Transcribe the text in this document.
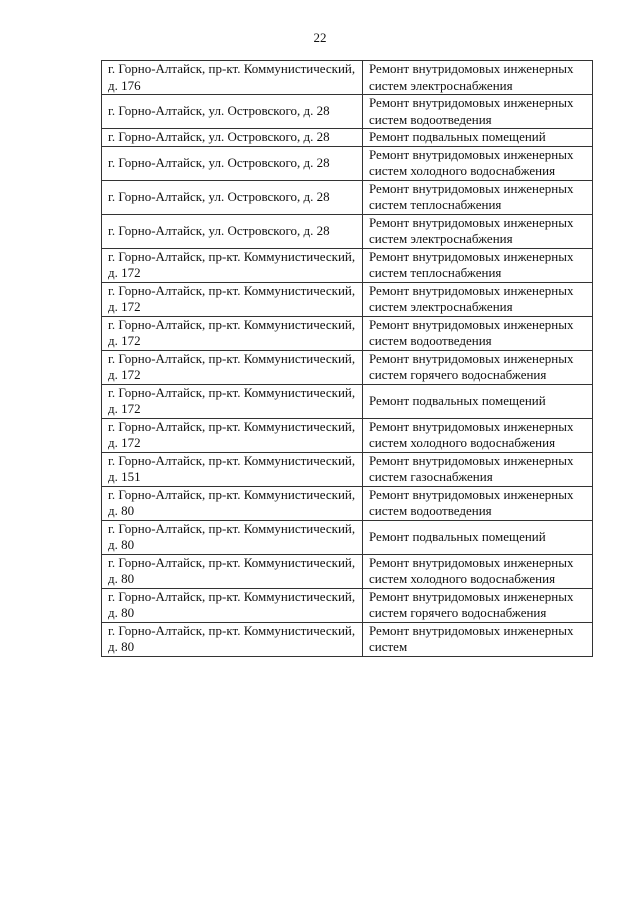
22
г. Горно-Алтайск, пр-кт. Коммунистический, д. 176	Ремонт внутридомовых инженерных систем электроснабжения
г. Горно-Алтайск, ул. Островского, д. 28	Ремонт внутридомовых инженерных систем водоотведения
г. Горно-Алтайск, ул. Островского, д. 28	Ремонт подвальных помещений
г. Горно-Алтайск, ул. Островского, д. 28	Ремонт внутридомовых инженерных систем холодного водоснабжения
г. Горно-Алтайск, ул. Островского, д. 28	Ремонт внутридомовых инженерных систем теплоснабжения
г. Горно-Алтайск, ул. Островского, д. 28	Ремонт внутридомовых инженерных систем электроснабжения
г. Горно-Алтайск, пр-кт. Коммунистический, д. 172	Ремонт внутридомовых инженерных систем теплоснабжения
г. Горно-Алтайск, пр-кт. Коммунистический, д. 172	Ремонт внутридомовых инженерных систем электроснабжения
г. Горно-Алтайск, пр-кт. Коммунистический, д. 172	Ремонт внутридомовых инженерных систем водоотведения
г. Горно-Алтайск, пр-кт. Коммунистический, д. 172	Ремонт внутридомовых инженерных систем горячего водоснабжения
г. Горно-Алтайск, пр-кт. Коммунистический, д. 172	Ремонт подвальных помещений
г. Горно-Алтайск, пр-кт. Коммунистический, д. 172	Ремонт внутридомовых инженерных систем холодного водоснабжения
г. Горно-Алтайск, пр-кт. Коммунистический, д. 151	Ремонт внутридомовых инженерных систем газоснабжения
г. Горно-Алтайск, пр-кт. Коммунистический, д. 80	Ремонт внутридомовых инженерных систем водоотведения
г. Горно-Алтайск, пр-кт. Коммунистический, д. 80	Ремонт подвальных помещений
г. Горно-Алтайск, пр-кт. Коммунистический, д. 80	Ремонт внутридомовых инженерных систем холодного водоснабжения
г. Горно-Алтайск, пр-кт. Коммунистический, д. 80	Ремонт внутридомовых инженерных систем горячего водоснабжения
г. Горно-Алтайск, пр-кт. Коммунистический, д. 80	Ремонт внутридомовых инженерных систем
